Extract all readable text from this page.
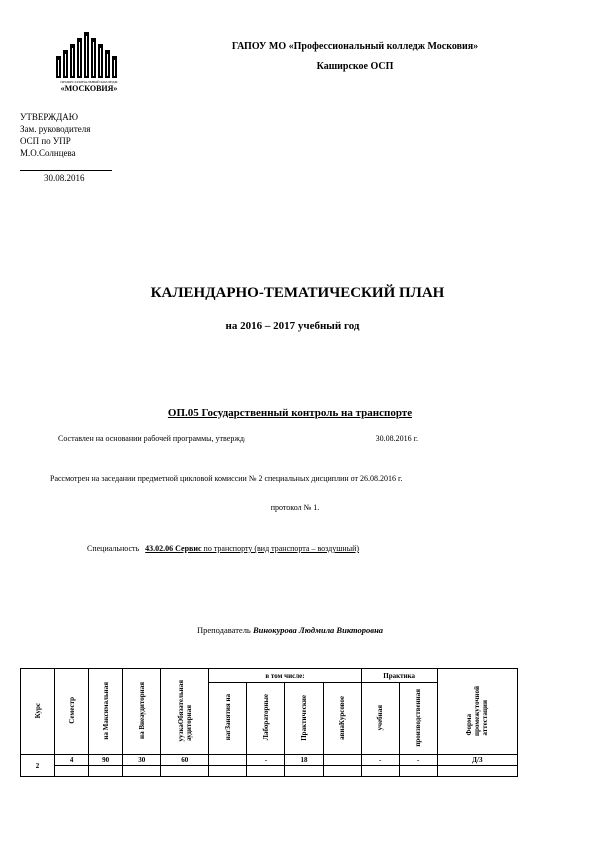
ПРОФЕССИОНАЛЬНЫЙ КОЛЛЕДЖ
«МОСКОВИЯ»
ГАПОУ МО «Профессиональный колледж Московия»
Каширское ОСП
УТВЕРЖДАЮ
Зам. руководителя
ОСП по УПР
М.О.Солнцева
30.08.2016
КАЛЕНДАРНО-ТЕМАТИЧЕСКИЙ ПЛАН
на 2016 – 2017 учебный год
ОП.05 Государственный контроль на транспорте
Составлен на основании рабочей программы, утвержд(	30.08.2016 г.
Рассмотрен на заседании предметной цикловой комиссии № 2 специальных дисциплин от 26.08.2016 г.
протокол № 1.
Специальность 43.02.06 Сервис по транспорту (вид транспорта – воздушный)
Преподаватель Винокурова Людмила Викторовна
Курс	Семестр	на Максимальная	на Внеаудиторная	уузкаОбязательнаяаудиторная	в том числе:				Практика		Формапромежуточнойаттестации
					нагЗанятия на	Лабораторные	Практические	авиаКурсовое	учебная	производственная	
2	4	90	30	60		-	18		-	-	Д/З
